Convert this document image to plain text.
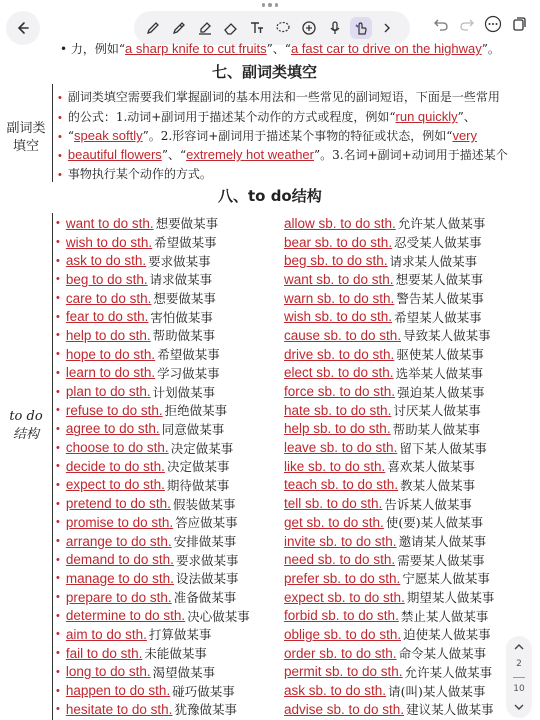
• 力，例如“a sharp knife to cut fruits”、“a fast car to drive on the highway”。
七、副词类填空
副词类
填空
• 副词类填空需要我们掌握副词的基本用法和一些常见的副词短语，下面是一些常用
• 的公式：1.动词+副词用于描述某个动作的方式或程度，例如“run quickly”、
• “speak softly”。2.形容词+副词用于描述某个事物的特征或状态，例如“very
• beautiful flowers”、“extremely hot weather”。3.名词+副词+动词用于描述某个
• 事物执行某个动作的方式。
八、to do结构
to do
结构
• want to do sth. 想要做某事
• wish to do sth. 希望做某事
• ask to do sth. 要求做某事
• beg to do sth. 请求做某事
• care to do sth. 想要做某事
• fear to do sth. 害怕做某事
• help to do sth. 帮助做某事
• hope to do sth. 希望做某事
• learn to do sth. 学习做某事
• plan to do sth. 计划做某事
• refuse to do sth. 拒绝做某事
• agree to do sth. 同意做某事
• choose to do sth. 决定做某事
• decide to do sth. 决定做某事
• expect to do sth. 期待做某事
• pretend to do sth. 假装做某事
• promise to do sth. 答应做某事
• arrange to do sth. 安排做某事
• demand to do sth. 要求做某事
• manage to do sth. 设法做某事
• prepare to do sth. 准备做某事
• determine to do sth. 决心做某事
• aim to do sth. 打算做某事
• fail to do sth. 未能做某事
• long to do sth. 渴望做某事
• happen to do sth. 碰巧做某事
• hesitate to do sth. 犹豫做某事
allow sb. to do sth. 允许某人做某事
bear sb. to do sth. 忍受某人做某事
beg sb. to do sth. 请求某人做某事
want sb. to do sth. 想要某人做某事
warn sb. to do sth. 警告某人做某事
wish sb. to do sth. 希望某人做某事
cause sb. to do sth. 导致某人做某事
drive sb. to do sth. 驱使某人做某事
elect sb. to do sth. 选举某人做某事
force sb. to do sth. 强迫某人做某事
hate sb. to do sth. 讨厌某人做某事
help sb. to do sth. 帮助某人做某事
leave sb. to do sth. 留下某人做某事
like sb. to do sth. 喜欢某人做某事
teach sb. to do sth. 教某人做某事
tell sb. to do sth. 告诉某人做某事
get sb. to do sth. 使(要)某人做某事
invite sb. to do sth. 邀请某人做某事
need sb. to do sth. 需要某人做某事
prefer sb. to do sth. 宁愿某人做某事
expect sb. to do sth. 期望某人做某事
forbid sb. to do sth. 禁止某人做某事
oblige sb. to do sth. 迫使某人做某事
order sb. to do sth. 命令某人做某事
permit sb. to do sth. 允许某人做某事
ask sb. to do sth. 请(叫)某人做某事
advise sb. to do sth. 建议某人做某事
2
10
